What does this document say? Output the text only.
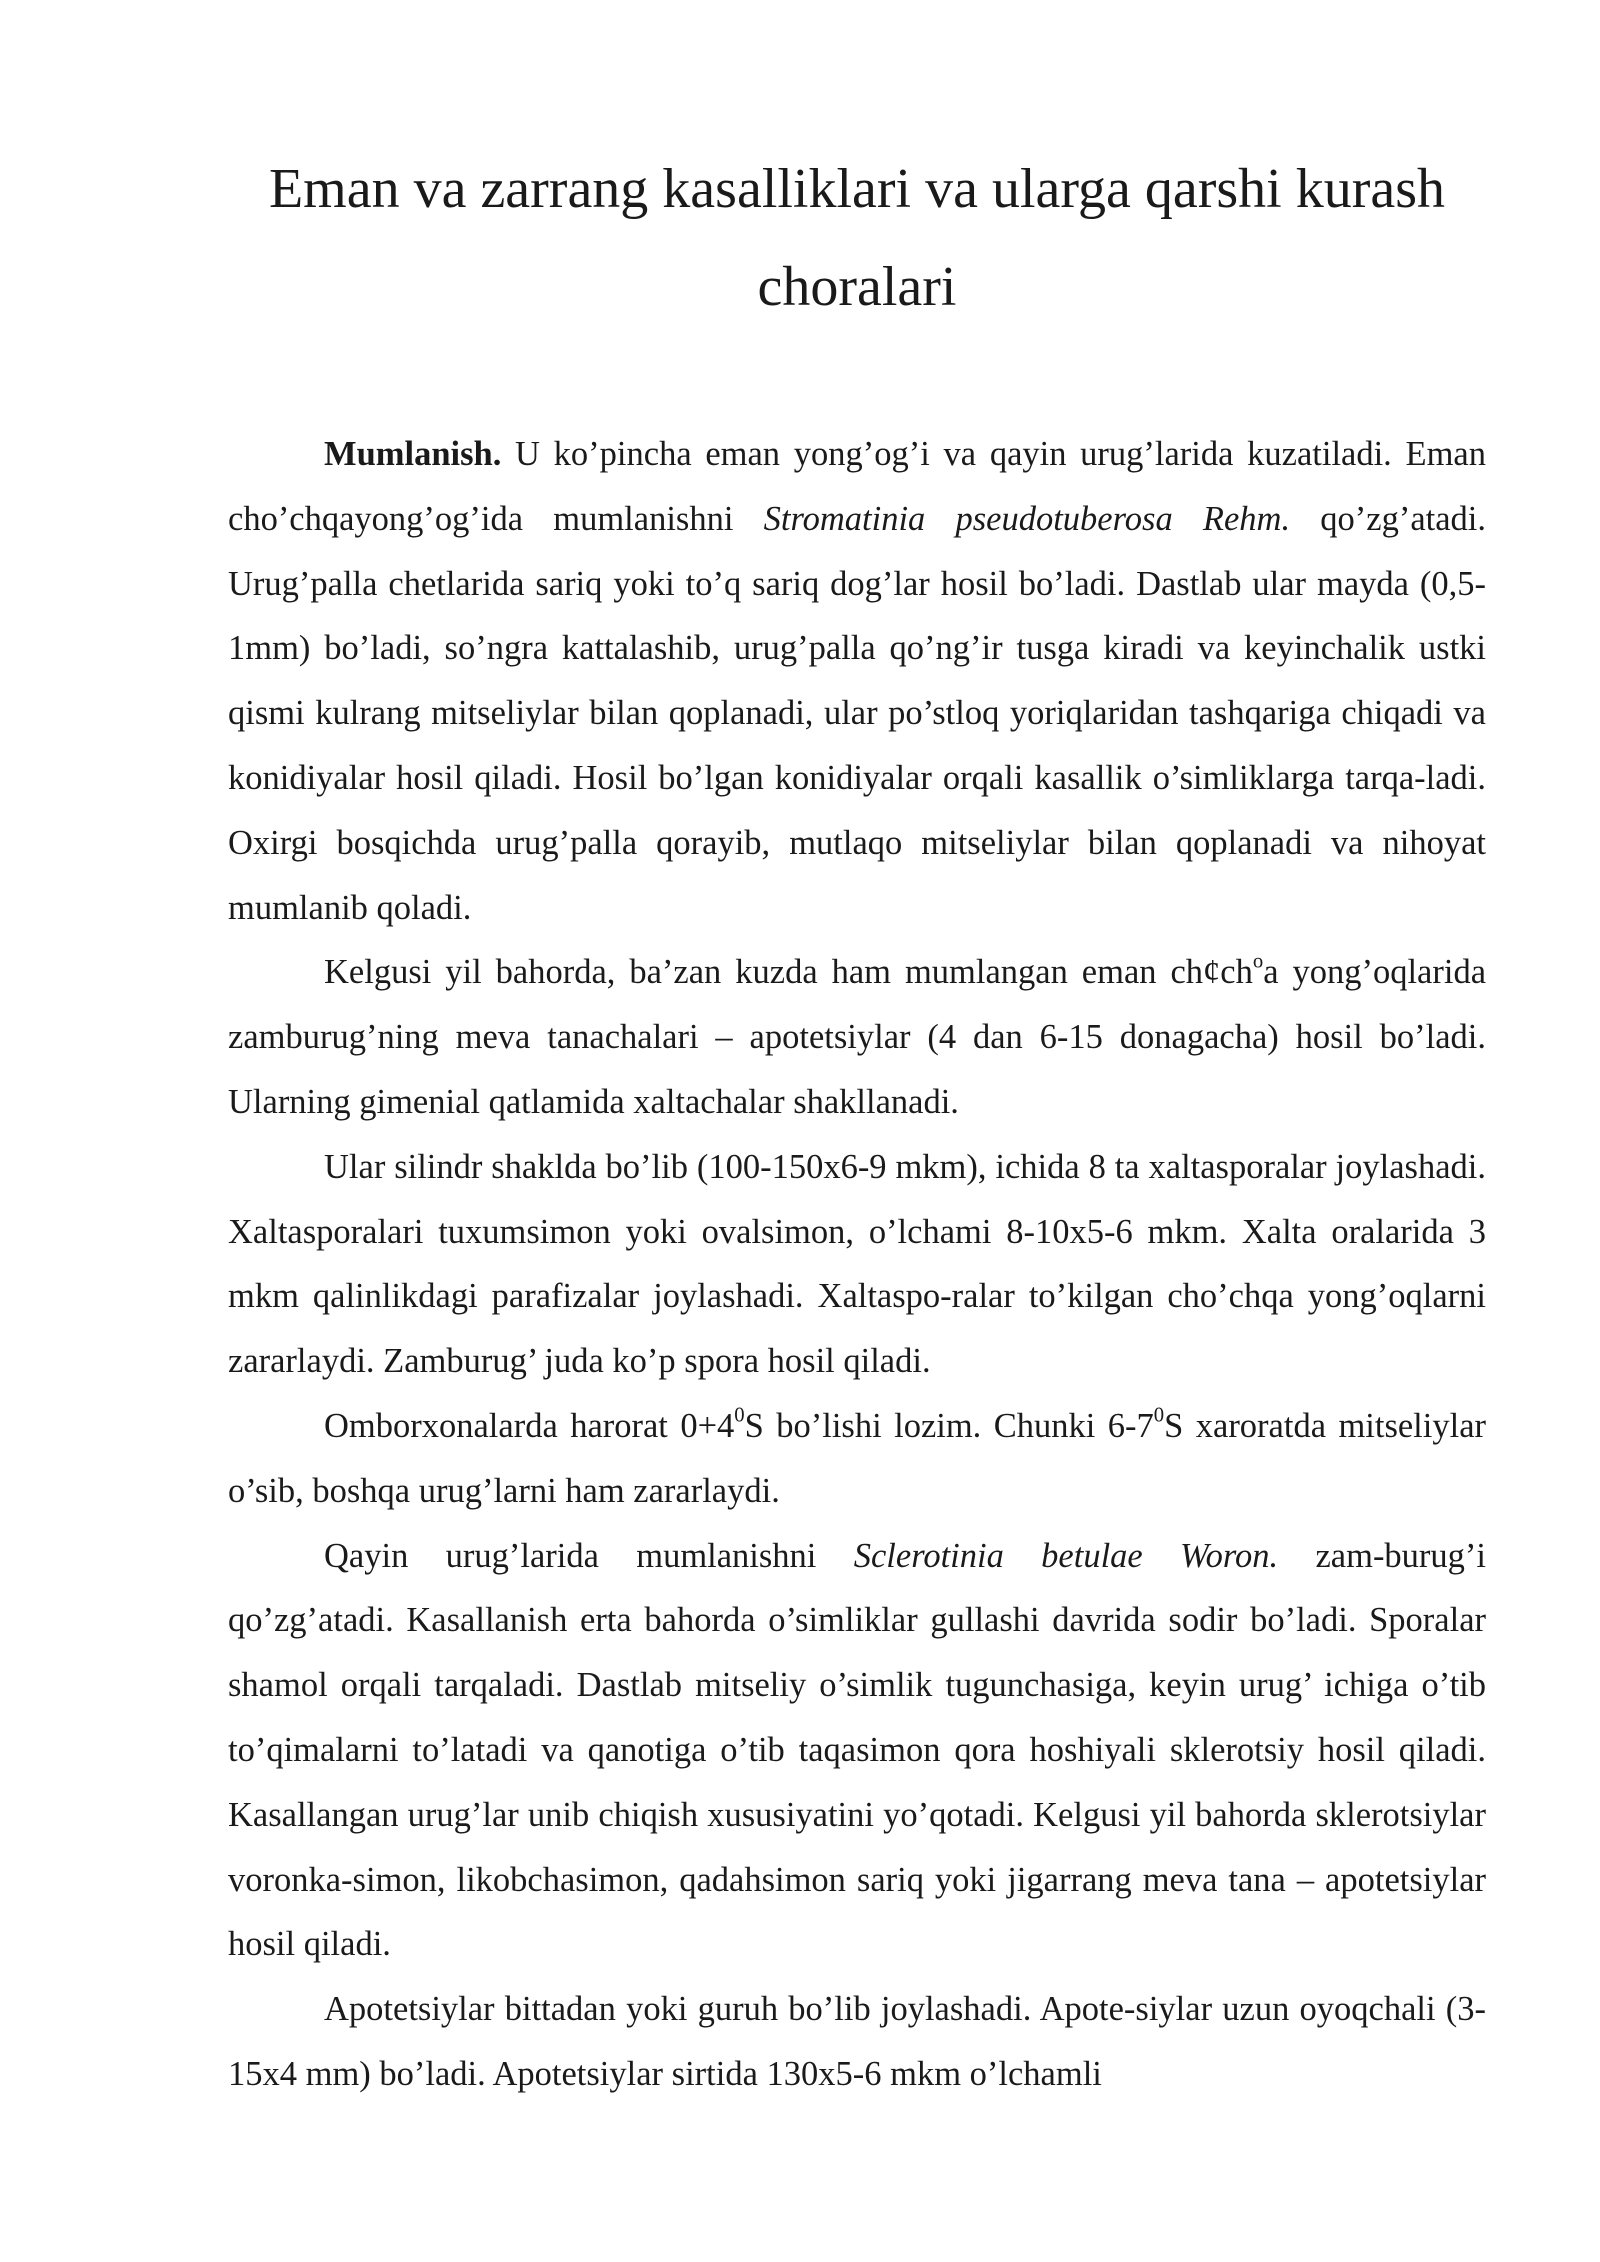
Eman va zarrang kasalliklari va ularga qarshi kurash choralari

Mumlanish. U ko’pincha eman yong’og’i va qayin urug’larida kuzatiladi. Eman cho’chqayong’og’ida mumlanishni Stromatinia pseudotuberosa Rehm. qo’zg’atadi. Urug’palla chetlarida sariq yoki to’q sariq dog’lar hosil bo’ladi. Dastlab ular mayda (0,5-1mm) bo’ladi, so’ngra kattalashib, urug’palla qo’ng’ir tusga kiradi va keyinchalik ustki qismi kulrang mitseliylar bilan qoplanadi, ular po’stloq yoriqlaridan tashqariga chiqadi va konidiyalar hosil qiladi. Hosil bo’lgan konidiyalar orqali kasallik o’simliklarga tarqa-ladi. Oxirgi bosqichda urug’palla qorayib, mutlaqo mitseliylar bilan qoplanadi va nihoyat mumlanib qoladi.

Kelgusi yil bahorda, ba’zan kuzda ham mumlangan eman $ch¢ch^оa$ yong’oqlarida zamburug’ning meva tanachalari – apotetsiylar (4 dan 6-15 donagacha) hosil bo’ladi. Ularning gimenial qatlamida xaltachalar shakllanadi.

Ular silindr shaklda bo’lib (100-150x6-9 mkm), ichida 8 ta xaltasporalar joylashadi. Xaltasporalari tuxumsimon yoki ovalsimon, o’lchami 8-10x5-6 mkm. Xalta oralarida 3 mkm qalinlikdagi parafizalar joylashadi. Xaltaspo-ralar to’kilgan cho’chqa yong’oqlarni zararlaydi. Zamburug’ juda ko’p spora hosil qiladi.

Omborxonalarda harorat $0+4^0S$ bo’lishi lozim. Chunki $6-7^0S$ xaroratda mitseliylar o’sib, boshqa urug’larni ham zararlaydi.

Qayin urug’larida mumlanishni Sclerotinia betulae Woron. zam-burug’i qo’zg’atadi. Kasallanish erta bahorda o’simliklar gullashi davrida sodir bo’ladi. Sporalar shamol orqali tarqaladi. Dastlab mitseliy o’simlik tugunchasiga, keyin urug’ ichiga o’tib to’qimalarni to’latadi va qanotiga o’tib taqasimon qora hoshiyali sklerotsiy hosil qiladi. Kasallangan urug’lar unib chiqish xususiyatini yo’qotadi. Kelgusi yil bahorda sklerotsiylar voronka-simon, likobchasimon, qadahsimon sariq yoki jigarrang meva tana – apotetsiylar hosil qiladi.

Apotetsiylar bittadan yoki guruh bo’lib joylashadi. Apote-siylar uzun oyoqchali (3-15x4 mm) bo’ladi. Apotetsiylar sirtida 130x5-6 mkm o’lchamli
